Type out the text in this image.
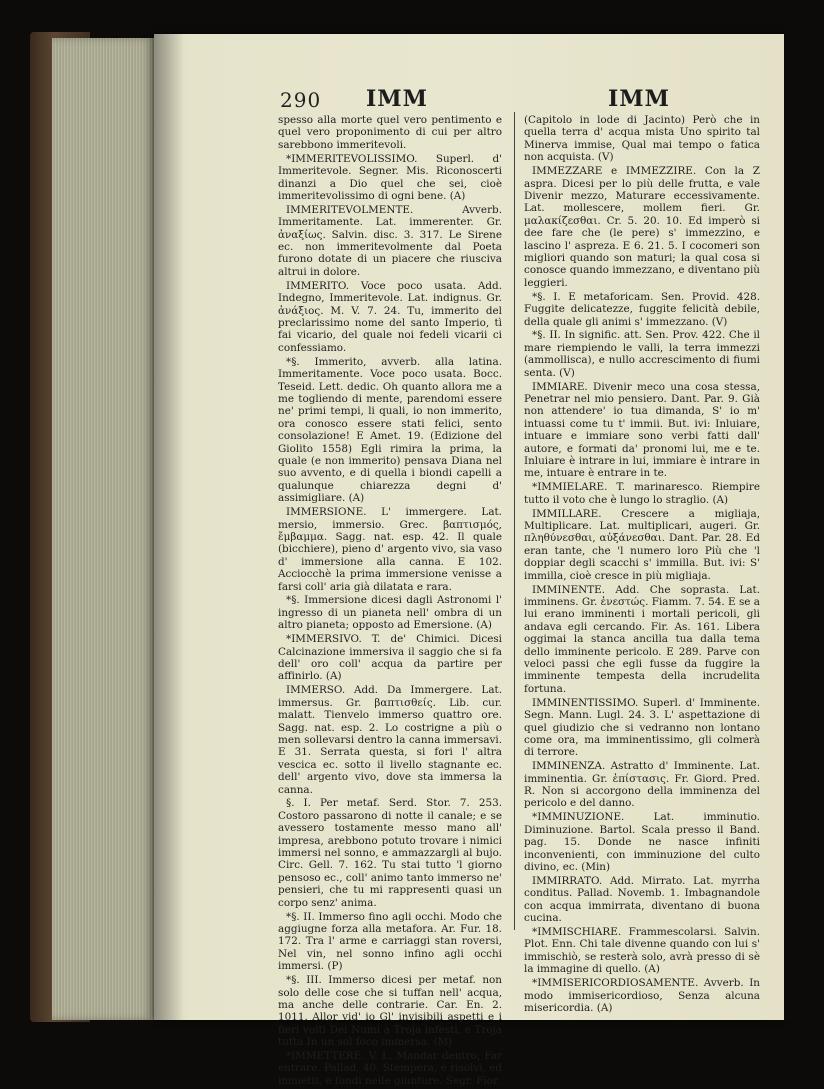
290 IMM	IMM

spesso alla morte quel vero pentimento e quel vero proponimento di cui per altro sarebbono immeritevoli.

*IMMERITEVOLISSIMO. Superl. d' Immeritevole. Segner. Mis. Riconoscerti dinanzi a Dio quel che sei, cioè immeritevolissimo di ogni bene. (A)

IMMERITEVOLMENTE. Avverb. Immeritamente. Lat. immerenter. Gr. ἀναξίως. Salvin. disc. 3. 317. Le Sirene ec. non immeritevolmente dal Poeta furono dotate di un piacere che riusciva altrui in dolore.

IMMERITO. Voce poco usata. Add. Indegno, Immeritevole. Lat. indignus. Gr. ἀνάξιος. M. V. 7. 24. Tu, immerito del preclarissimo nome del santo Imperio, tì fai vicario, del quale noi fedeli vicarii ci confessiamo.

*§. Immerito, avverb. alla latina. Immeritamente. Voce poco usata. Bocc. Teseid. Lett. dedic. Oh quanto allora me a me togliendo di mente, parendomi essere ne' primi tempi, li quali, io non immerito, ora conosco essere stati felici, sento consolazione! E Amet. 19. (Edizione del Giolito 1558) Egli rimira la prima, la quale (e non immerito) pensava Diana nel suo avvento, e di quella i biondi capelli a qualunque chiarezza degni d' assimigliare. (A)

IMMERSIONE. L' immergere. Lat. mersio, immersio. Grec. βαπτισμός, ἔμβαμμα. Sagg. nat. esp. 42. Il quale (bicchiere), pieno d' argento vivo, sia vaso d' immersione alla canna. E 102. Acciocchè la prima immersione venisse a farsi coll' aria già dilatata e rara.

*§. Immersione dicesi dagli Astronomi l' ingresso di un pianeta nell' ombra di un altro pianeta; opposto ad Emersione. (A)

*IMMERSIVO. T. de' Chimici. Dicesi Calcinazione immersiva il saggio che si fa dell' oro coll' acqua da partire per affinirlo. (A)

IMMERSO. Add. Da Immergere. Lat. immersus. Gr. βαπτισθείς. Lib. cur. malatt. Tienvelo immerso quattro ore. Sagg. nat. esp. 2. Lo costrigne a più o men sollevarsi dentro la canna immersavi. E 31. Serrata questa, si fori l' altra vescica ec. sotto il livello stagnante ec. dell' argento vivo, dove sta immersa la canna.

§. I. Per metaf. Serd. Stor. 7. 253. Costoro passarono di notte il canale; e se avessero tostamente messo mano all' impresa, arebbono potuto trovare i nimici immersi nel sonno, e ammazzargli al bujo. Circ. Gell. 7. 162. Tu stai tutto 'l giorno pensoso ec., coll' animo tanto immerso ne' pensieri, che tu mi rappresenti quasi un corpo senz' anima.

*§. II. Immerso fino agli occhi. Modo che aggiugne forza alla metafora. Ar. Fur. 18. 172. Tra l' arme e carriaggi stan roversi, Nel vin, nel sonno infino agli occhi immersi. (P)

*§. III. Immerso dicesi per metaf. non solo delle cose che si tuffan nell' acqua, ma anche delle contrarie. Car. En. 2. 1011. Allor vid' io Gl' invisibili aspetti e i fieri volti Dei Numi a Troja infesti, e Troja tutta In un sol foco immersa. (M)

*IMMETTERE. V. L. Mandar dentro, Far entrare. Pallad. 40. Stempera, e risolvi, ed immetti, e fondi nelle giunture. Segr. Fior.

(Capitolo in lode di Jacinto) Però che in quella terra d' acqua mista Uno spirito tal Minerva immise, Qual mai tempo o fatica non acquista. (V)

IMMEZZARE e IMMEZZIRE. Con la Z aspra. Dicesi per lo più delle frutta, e vale Divenir mezzo, Maturare eccessivamente. Lat. mollescere, mollem fieri. Gr. μαλακίζεσθαι. Cr. 5. 20. 10. Ed imperò si dee fare che (le pere) s' immezzino, e lascino l' aspreza. E 6. 21. 5. I cocomeri son migliori quando son maturi; la qual cosa si conosce quando immezzano, e diventano più leggieri.

*§. I. E metaforicam. Sen. Provid. 428. Fuggite delicatezze, fuggite felicità debile, della quale gli animi s' immezzano. (V)

*§. II. In signific. att. Sen. Prov. 422. Che il mare riempiendo le valli, la terra immezzi (ammollisca), e nullo accrescimento di fiumi senta. (V)

IMMIARE. Divenir meco una cosa stessa, Penetrar nel mio pensiero. Dant. Par. 9. Già non attendere' io tua dimanda, S' io m' intuassi come tu t' immii. But. ivi: Inluiare, intuare e immiare sono verbi fatti dall' autore, e formati da' pronomi lui, me e te. Inluiare è intrare in lui, immiare è intrare in me, intuare è entrare in te.

*IMMIELARE. T. marinaresco. Riempire tutto il voto che è lungo lo straglio. (A)

IMMILLARE. Crescere a migliaja, Multiplicare. Lat. multiplicari, augeri. Gr. πληθύνεσθαι, αὐξάνεσθαι. Dant. Par. 28. Ed eran tante, che 'l numero loro Più che 'l doppiar degli scacchi s' immilla. But. ivi: S' immilla, cioè cresce in più migliaja.

IMMINENTE. Add. Che soprasta. Lat. imminens. Gr. ἐνεστώς. Fiamm. 7. 54. E se a lui erano imminenti i mortali pericoli, gli andava egli cercando. Fir. As. 161. Libera oggimai la stanca ancilla tua dalla tema dello imminente pericolo. E 289. Parve con veloci passi che egli fusse da fuggire la imminente tempesta della incrudelita fortuna.

IMMINENTISSIMO. Superl. d' Imminente. Segn. Mann. Lugl. 24. 3. L' aspettazione di quel giudizio che si vedranno non lontano come ora, ma imminentissimo, gli colmerà di terrore.

IMMINENZA. Astratto d' Imminente. Lat. imminentia. Gr. ἐπίστασις. Fr. Giord. Pred. R. Non si accorgono della imminenza del pericolo e del danno.

*IMMINUZIONE. Lat. imminutio. Diminuzione. Bartol. Scala presso il Band. pag. 15. Donde ne nasce infiniti inconvenienti, con imminuzione del culto divino, ec. (Min)

IMMIRRATO. Add. Mirrato. Lat. myrrha conditus. Pallad. Novemb. 1. Imbagnandole con acqua immirrata, diventano di buona cucina.

*IMMISCHIARE. Frammescolarsi. Salvin. Plot. Enn. Chi tale divenne quando con lui s' immischiò, se resterà solo, avrà presso di sè la immagine di quello. (A)

*IMMISERICORDIOSAMENTE. Avverb. In modo immisericordioso, Senza alcuna misericordia. (A)
